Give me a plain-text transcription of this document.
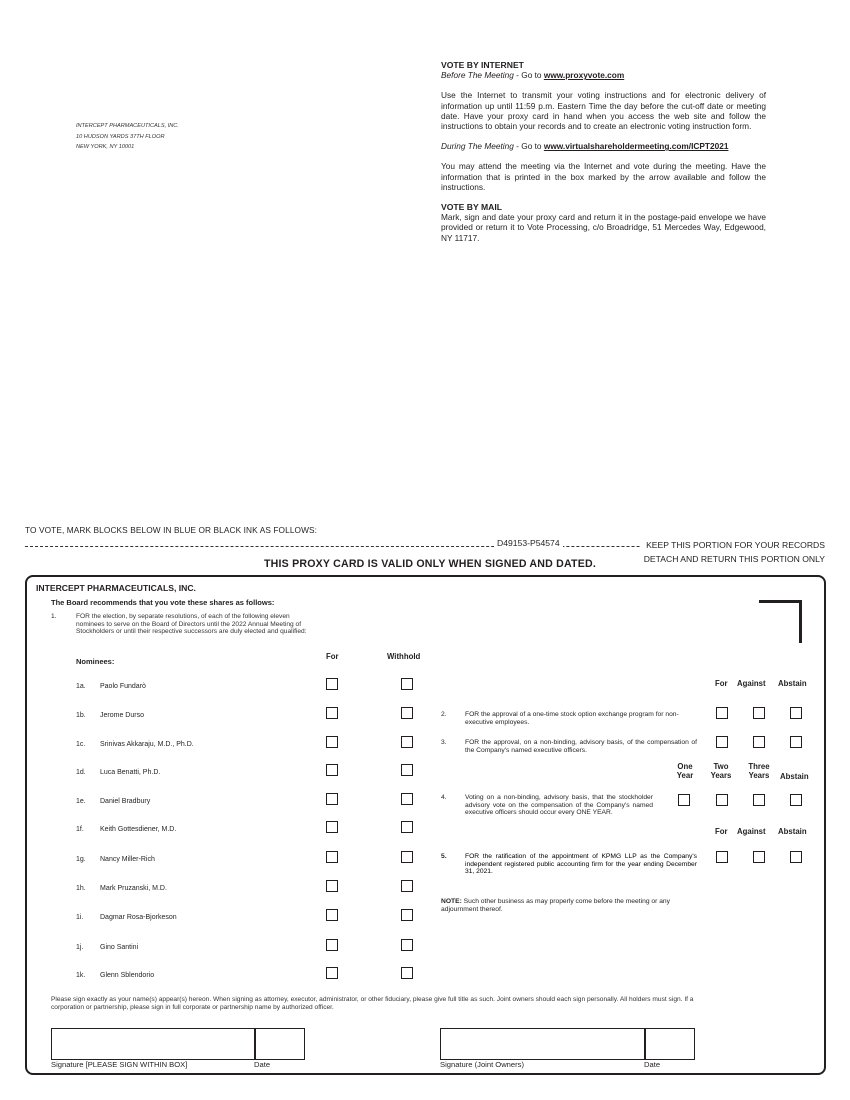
INTERCEPT PHARMACEUTICALS, INC.
10 HUDSON YARDS 37TH FLOOR
NEW YORK, NY 10001
VOTE BY INTERNET
Before The Meeting - Go to www.proxyvote.com
Use the Internet to transmit your voting instructions and for electronic delivery of information up until 11:59 p.m. Eastern Time the day before the cut-off date or meeting date. Have your proxy card in hand when you access the web site and follow the instructions to obtain your records and to create an electronic voting instruction form.
During The Meeting - Go to www.virtualshareholdermeeting.com/ICPT2021
You may attend the meeting via the Internet and vote during the meeting. Have the information that is printed in the box marked by the arrow available and follow the instructions.
VOTE BY MAIL
Mark, sign and date your proxy card and return it in the postage-paid envelope we have provided or return it to Vote Processing, c/o Broadridge, 51 Mercedes Way, Edgewood, NY 11717.
TO VOTE, MARK BLOCKS BELOW IN BLUE OR BLACK INK AS FOLLOWS:
D49153-P54574	KEEP THIS PORTION FOR YOUR RECORDS
THIS PROXY CARD IS VALID ONLY WHEN SIGNED AND DATED.	DETACH AND RETURN THIS PORTION ONLY
INTERCEPT PHARMACEUTICALS, INC.
The Board recommends that you vote these shares as follows:
1.	FOR the election, by separate resolutions, of each of the following eleven nominees to serve on the Board of Directors until the 2022 Annual Meeting of Stockholders or until their respective successors are duly elected and qualified:
Nominees:
For	Withhold
1a. Paolo Fundarò
1b. Jerome Durso
1c. Srinivas Akkaraju, M.D., Ph.D.
1d. Luca Benatti, Ph.D.
1e. Daniel Bradbury
1f. Keith Gottesdiener, M.D.
1g. Nancy Miller-Rich
1h. Mark Pruzanski, M.D.
1i. Dagmar Rosa-Bjorkeson
1j. Gino Santini
1k. Glenn Sblendorio
For Against Abstain
2.	FOR the approval of a one-time stock option exchange program for non-executive employees.
3.	FOR the approval, on a non-binding, advisory basis, of the compensation of the Company's named executive officers.
One
Year
Two
Years
Three
Years	Abstain
4.	Voting on a non-binding, advisory basis, that the stockholder advisory vote on the compensation of the Company's named executive officers should occur every ONE YEAR.
For Against Abstain
5.	FOR the ratification of the appointment of KPMG LLP as the Company's independent registered public accounting firm for the year ending December 31, 2021.
NOTE: Such other business as may properly come before the meeting or any adjournment thereof.
Please sign exactly as your name(s) appear(s) hereon. When signing as attorney, executor, administrator, or other fiduciary, please give full title as such. Joint owners should each sign personally. All holders must sign. If a corporation or partnership, please sign in full corporate or partnership name by authorized officer.
Signature [PLEASE SIGN WITHIN BOX]	Date	Signature (Joint Owners)	Date
